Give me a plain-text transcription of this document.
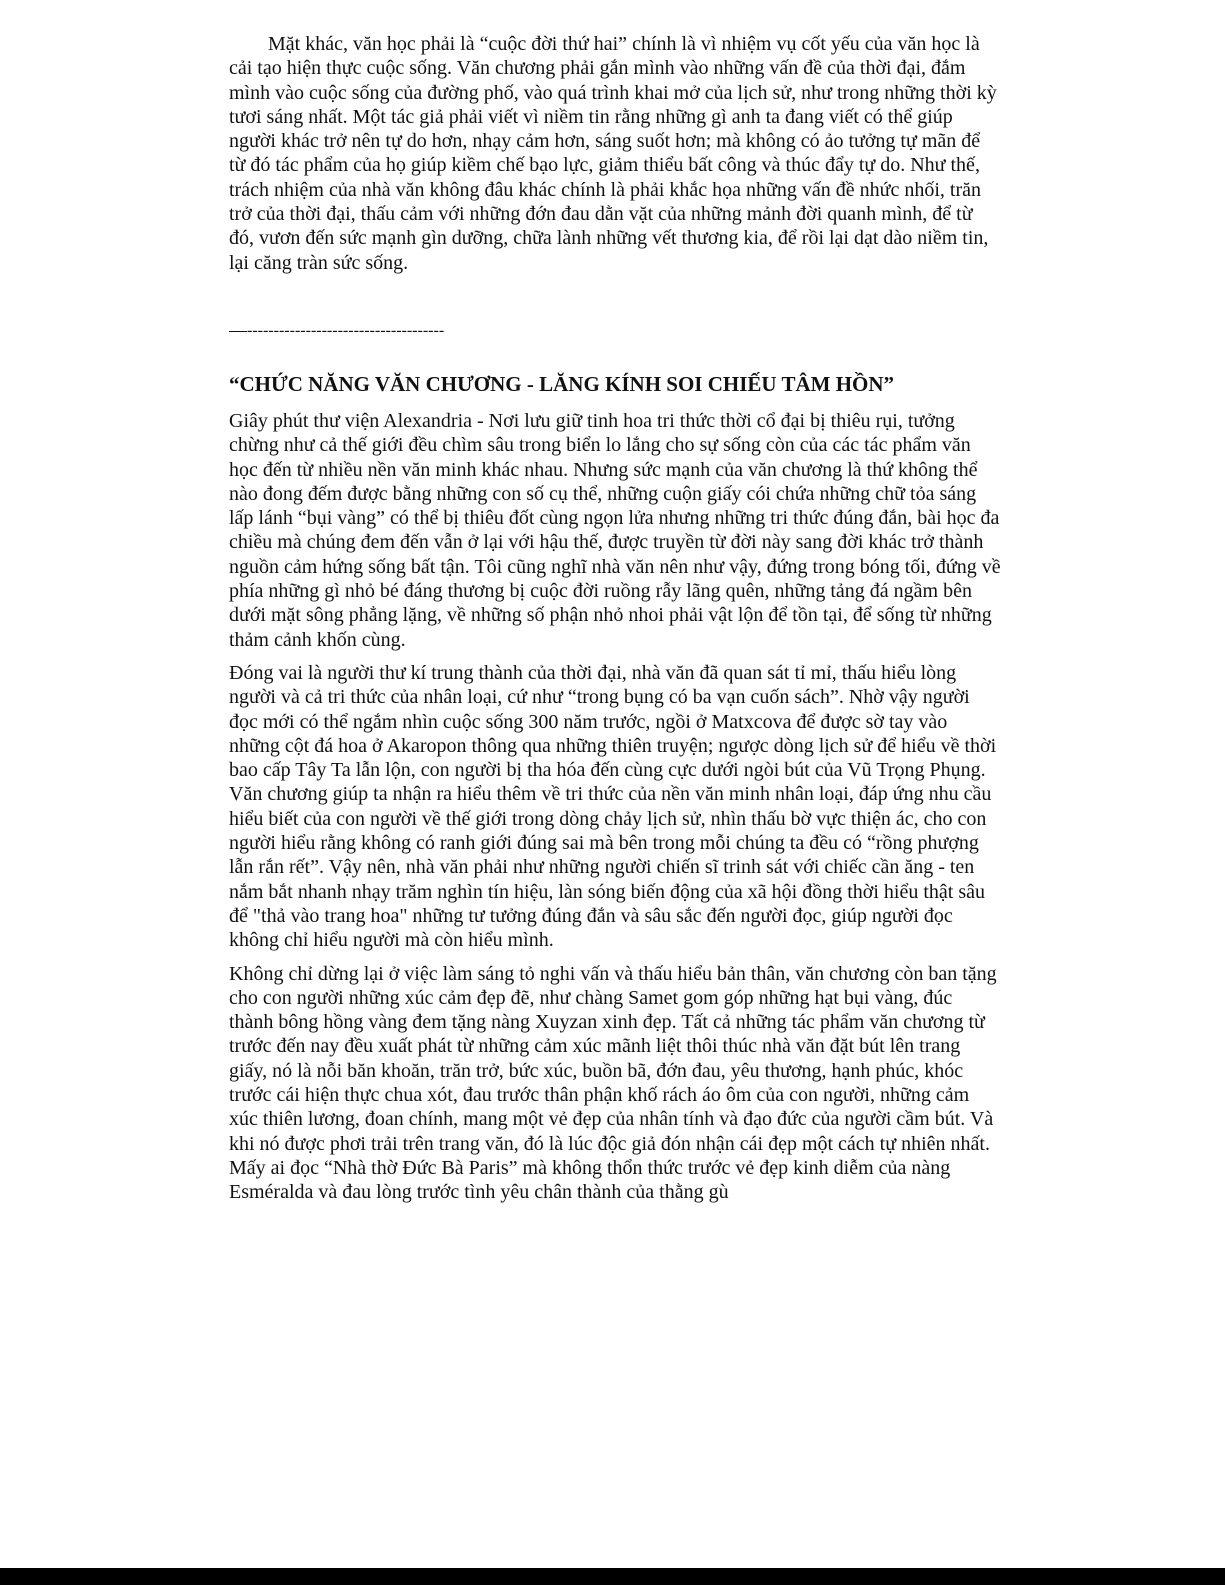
Mặt khác, văn học phải là “cuộc đời thứ hai” chính là vì nhiệm vụ cốt yếu của văn học là cải tạo hiện thực cuộc sống. Văn chương phải gắn mình vào những vấn đề của thời đại, đắm mình vào cuộc sống của đường phố, vào quá trình khai mở của lịch sử, như trong những thời kỳ tươi sáng nhất. Một tác giả phải viết vì niềm tin rằng những gì anh ta đang viết có thể giúp người khác trở nên tự do hơn, nhạy cảm hơn, sáng suốt hơn; mà không có ảo tưởng tự mãn để từ đó tác phẩm của họ giúp kiềm chế bạo lực, giảm thiểu bất công và thúc đẩy tự do. Như thế, trách nhiệm của nhà văn không đâu khác chính là phải khắc họa những vấn đề nhức nhối, trăn trở của thời đại, thấu cảm với những đớn đau dằn vặt của những mảnh đời quanh mình, để từ đó, vươn đến sức mạnh gìn dưỡng, chữa lành những vết thương kia, để rồi lại dạt dào niềm tin, lại căng tràn sức sống.

-------------------------------------
“CHỨC NĂNG VĂN CHƯƠNG - LĂNG KÍNH SOI CHIẾU TÂM HỒN”

Giây phút thư viện Alexandria - Nơi lưu giữ tinh hoa tri thức thời cổ đại bị thiêu rụi, tưởng chừng như cả thế giới đều chìm sâu trong biển lo lắng cho sự sống còn của các tác phẩm văn học đến từ nhiều nền văn minh khác nhau. Nhưng sức mạnh của văn chương là thứ không thể nào đong đếm được bằng những con số cụ thể, những cuộn giấy cói chứa những chữ tỏa sáng lấp lánh “bụi vàng” có thể bị thiêu đốt cùng ngọn lửa nhưng những tri thức đúng đắn, bài học đa chiều mà chúng đem đến vẫn ở lại với hậu thế, được truyền từ đời này sang đời khác trở thành nguồn cảm hứng sống bất tận. Tôi cũng nghĩ nhà văn nên như vậy, đứng trong bóng tối, đứng về phía những gì nhỏ bé đáng thương bị cuộc đời ruồng rẫy lãng quên, những tảng đá ngầm bên dưới mặt sông phẳng lặng, về những số phận nhỏ nhoi phải vật lộn để tồn tại, để sống từ những thảm cảnh khốn cùng.

Đóng vai là người thư kí trung thành của thời đại, nhà văn đã quan sát tỉ mỉ, thấu hiểu lòng người và cả tri thức của nhân loại, cứ như “trong bụng có ba vạn cuốn sách”. Nhờ vậy người đọc mới có thể ngắm nhìn cuộc sống 300 năm trước, ngồi ở Matxcova để được sờ tay vào những cột đá hoa ở Akaropon thông qua những thiên truyện; ngược dòng lịch sử để hiểu về thời bao cấp Tây Ta lẫn lộn, con người bị tha hóa đến cùng cực dưới ngòi bút của Vũ Trọng Phụng. Văn chương giúp ta nhận ra hiểu thêm về tri thức của nền văn minh nhân loại, đáp ứng nhu cầu hiểu biết của con người về thế giới trong dòng chảy lịch sử, nhìn thấu bờ vực thiện ác, cho con người hiểu rằng không có ranh giới đúng sai mà bên trong mỗi chúng ta đều có “rồng phượng lẫn rắn rết”. Vậy nên, nhà văn phải như những người chiến sĩ trinh sát với chiếc cần ăng - ten nắm bắt nhanh nhạy trăm nghìn tín hiệu, làn sóng biến động của xã hội đồng thời hiểu thật sâu để "thả vào trang hoa" những tư tưởng đúng đắn và sâu sắc đến người đọc, giúp người đọc không chỉ hiểu người mà còn hiểu mình.

Không chỉ dừng lại ở việc làm sáng tỏ nghi vấn và thấu hiểu bản thân, văn chương còn ban tặng cho con người những xúc cảm đẹp đẽ, như chàng Samet gom góp những hạt bụi vàng, đúc thành bông hồng vàng đem tặng nàng Xuyzan xinh đẹp. Tất cả những tác phẩm văn chương từ trước đến nay đều xuất phát từ những cảm xúc mãnh liệt thôi thúc nhà văn đặt bút lên trang giấy, nó là nỗi băn khoăn, trăn trở, bức xúc, buồn bã, đớn đau, yêu thương, hạnh phúc, khóc trước cái hiện thực chua xót, đau trước thân phận khố rách áo ôm của con người, những cảm xúc thiên lương, đoan chính, mang một vẻ đẹp của nhân tính và đạo đức của người cầm bút. Và khi nó được phơi trải trên trang văn, đó là lúc độc giả đón nhận cái đẹp một cách tự nhiên nhất. Mấy ai đọc “Nhà thờ Đức Bà Paris” mà không thổn thức trước vẻ đẹp kinh diễm của nàng Esméralda và đau lòng trước tình yêu chân thành của thằng gù
